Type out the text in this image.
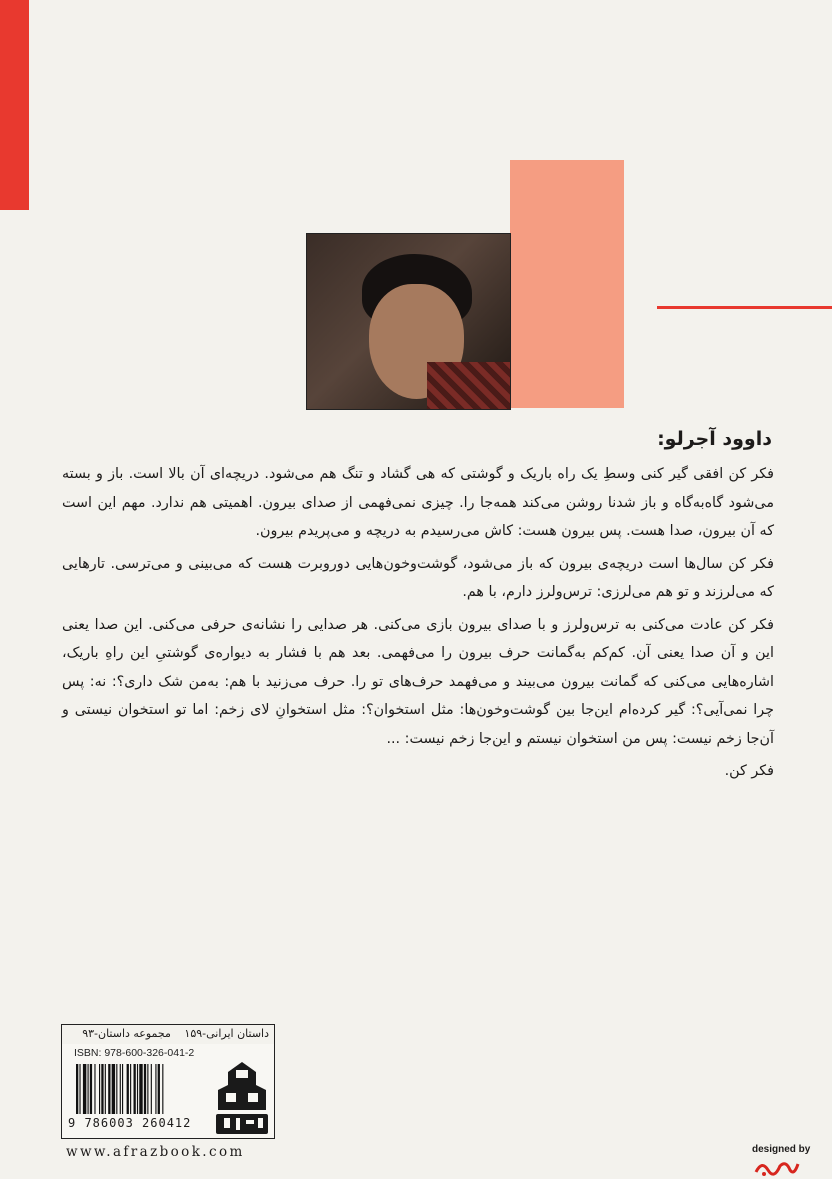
داوود آجرلو:

فکر کن افقی گیر کنی وسطِ یک راه باریک و گوشتی که هی گشاد و تنگ هم می‌شود. دریچه‌ای آن بالا است. باز و بسته می‌شود گاه‌به‌گاه و باز شدنا روشن می‌کند همه‌جا را. چیزی نمی‌فهمی از صدای بیرون. اهمیتی هم ندارد. مهم این است که آن بیرون، صدا هست. پس بیرون هست: کاش می‌رسیدم به دریچه و می‌پریدم بیرون.

فکر کن سال‌ها است دریچه‌ی بیرون که باز می‌شود، گوشت‌وخون‌هایی دوروبرت هست که می‌بینی و می‌ترسی. تارهایی که می‌لرزند و تو هم می‌لرزی: ترس‌ولرز دارم، با هم.

فکر کن عادت می‌کنی به ترس‌ولرز و با صدای بیرون بازی می‌کنی. هر صدایی را نشانه‌ی حرفی می‌کنی. این صدا یعنی این و آن صدا یعنی آن. کم‌کم به‌گمانت حرف بیرون را می‌فهمی. بعد هم با فشار به دیواره‌ی گوشتیِ این راهِ باریک، اشاره‌هایی می‌کنی که گمانت بیرون می‌بیند و می‌فهمد حرف‌های تو را. حرف می‌زنید با هم: به‌من شک داری؟: نه: پس چرا نمی‌آیی؟: گیر کرده‌ام این‌جا بین گوشت‌وخون‌ها: مثل استخوان؟: مثل استخوانِ لای زخم: اما تو استخوان نیستی و آن‌جا زخم نیست: پس من استخوان نیستم و این‌جا زخم نیست: ...

فکر کن.

داستان ایرانی-۱۵۹ مجموعه داستان-۹۳
ISBN: 978-600-326-041-2
9 786003 260412
www.afrazbook.com	designed by
